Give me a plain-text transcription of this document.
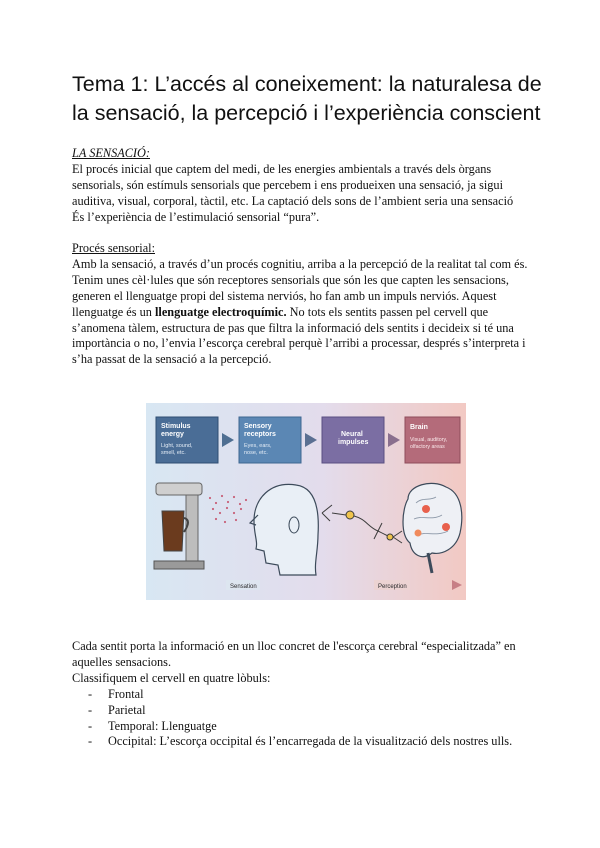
Tema 1: L’accés al coneixement: la naturalesa de la sensació, la percepció i l’experiència conscient

LA SENSACIÓ:

El procés inicial que captem del medi, de les energies ambientals a través dels òrgans

sensorials, són estímuls sensorials que percebem i ens produeixen una sensació, ja sigui

auditiva, visual, corporal, tàctil, etc. La captació dels sons de l’ambient seria una sensació

És l’experiència de l’estimulació sensorial “pura”.

Procés sensorial:

Amb la sensació, a través d’un procés cognitiu, arriba a la percepció de la realitat tal com és.

Tenim unes cèl·lules que són receptores sensorials que són les que capten les sensacions,

generen el llenguatge propi del sistema nerviós, ho fan amb un impuls nerviós. Aquest

llenguatge és un llenguatge electroquímic. No tots els sentits passen pel cervell que

s’anomena tàlem, estructura de pas que filtra la informació dels sentits i decideix si té una

importància o no, l’envia l’escorça cerebral perquè l’arribi a processar, després s’interpreta i

s’ha passat de la sensació a la percepció.

Stimulus
energy
Light, sound,
smell, etc.
Sensory
receptors
Eyes, ears,
nose, etc.
Neural
impulses
Brain
Visual, auditory,
olfactory areas
Sensation	Perception

Cada sentit porta la informació en un lloc concret de l'escorça cerebral “especialitzada” en

aquelles sensacions.

Classifiquem el cervell en quatre lòbuls:

- Frontal
- Parietal
- Temporal: Llenguatge
- Occipital: L’escorça occipital és l’encarregada de la visualització dels nostres ulls.
